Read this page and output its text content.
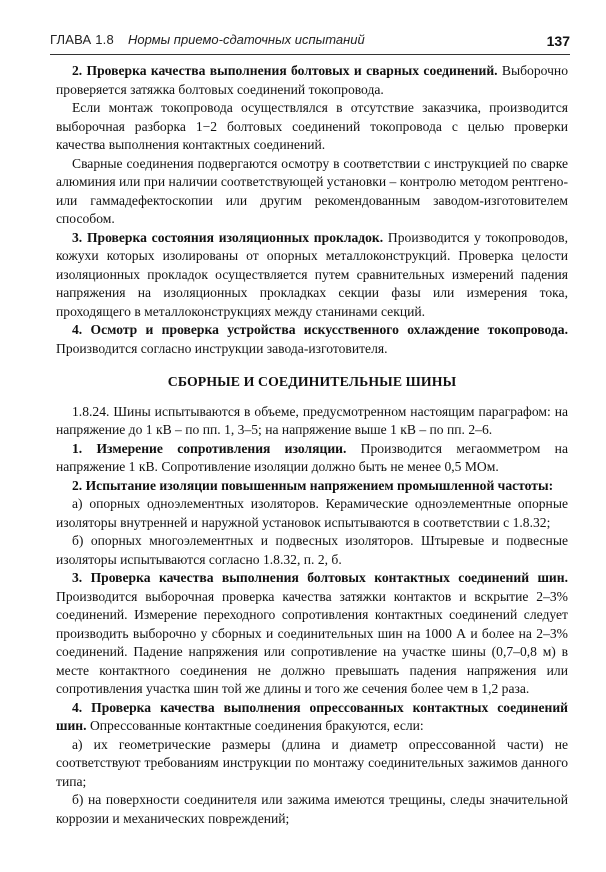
ГЛАВА 1.8 Нормы приемо-сдаточных испытаний	137

2. Проверка качества выполнения болтовых и сварных соединений. Выборочно проверяется затяжка болтовых соединений токопровода.

Если монтаж токопровода осуществлялся в отсутствие заказчика, производится выборочная разборка 1−2 болтовых соединений токопровода с целью проверки качества выполнения контактных соединений.

Сварные соединения подвергаются осмотру в соответствии с инструкцией по сварке алюминия или при наличии соответствующей установки – контролю методом рентгено- или гаммадефектоскопии или другим рекомендованным заводом-изготовителем способом.

3. Проверка состояния изоляционных прокладок. Производится у токопроводов, кожухи которых изолированы от опорных металлоконструкций. Проверка целости изоляционных прокладок осуществляется путем сравнительных измерений падения напряжения на изоляционных прокладках секции фазы или измерения тока, проходящего в металлоконструкциях между станинами секций.

4. Осмотр и проверка устройства искусственного охлаждение токопровода. Производится согласно инструкции завода-изготовителя.

СБОРНЫЕ И СОЕДИНИТЕЛЬНЫЕ ШИНЫ

1.8.24. Шины испытываются в объеме, предусмотренном настоящим параграфом: на напряжение до 1 кВ – по пп. 1, 3–5; на напряжение выше 1 кВ – по пп. 2–6.

1. Измерение сопротивления изоляции. Производится мегаомметром на напряжение 1 кВ. Сопротивление изоляции должно быть не менее 0,5 МОм.

2. Испытание изоляции повышенным напряжением промышленной частоты:

а) опорных одноэлементных изоляторов. Керамические одноэлементные опорные изоляторы внутренней и наружной установок испытываются в соответствии с 1.8.32;

б) опорных многоэлементных и подвесных изоляторов. Штыревые и подвесные изоляторы испытываются согласно 1.8.32, п. 2, б.

3. Проверка качества выполнения болтовых контактных соединений шин. Производится выборочная проверка качества затяжки контактов и вскрытие 2–3% соединений. Измерение переходного сопротивления контактных соединений следует производить выборочно у сборных и соединительных шин на 1000 А и более на 2–3% соединений. Падение напряжения или сопротивление на участке шины (0,7–0,8 м) в месте контактного соединения не должно превышать падения напряжения или сопротивления участка шин той же длины и того же сечения более чем в 1,2 раза.

4. Проверка качества выполнения опрессованных контактных соединений шин. Опрессованные контактные соединения бракуются, если:

а) их геометрические размеры (длина и диаметр опрессованной части) не соответствуют требованиям инструкции по монтажу соединительных зажимов данного типа;

б) на поверхности соединителя или зажима имеются трещины, следы значительной коррозии и механических повреждений;
